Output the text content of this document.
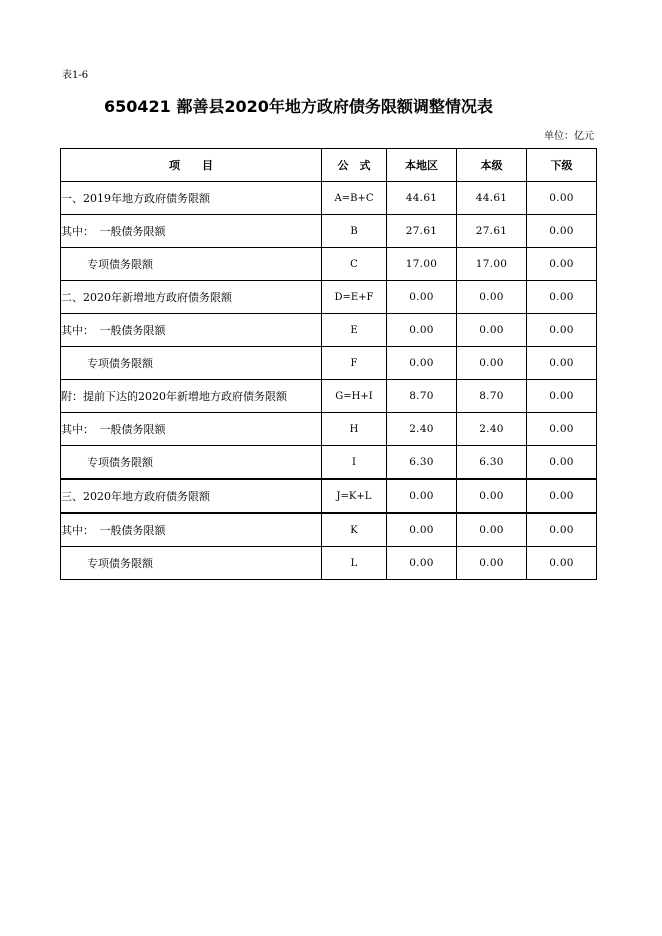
表1-6
650421 鄯善县2020年地方政府债务限额调整情况表
单位：亿元
项　　目	公　式	本地区	本级	下级
一、2019年地方政府债务限额	A=B+C	44.61	44.61	0.00
其中：　一般债务限额	B	27.61	27.61	0.00
专项债务限额	C	17.00	17.00	0.00
二、2020年新增地方政府债务限额	D=E+F	0.00	0.00	0.00
其中：　一般债务限额	E	0.00	0.00	0.00
专项债务限额	F	0.00	0.00	0.00
附：提前下达的2020年新增地方政府债务限额	G=H+I	8.70	8.70	0.00
其中：　一般债务限额	H	2.40	2.40	0.00
专项债务限额	I	6.30	6.30	0.00
三、2020年地方政府债务限额	J=K+L	0.00	0.00	0.00
其中：　一般债务限额	K	0.00	0.00	0.00
专项债务限额	L	0.00	0.00	0.00
